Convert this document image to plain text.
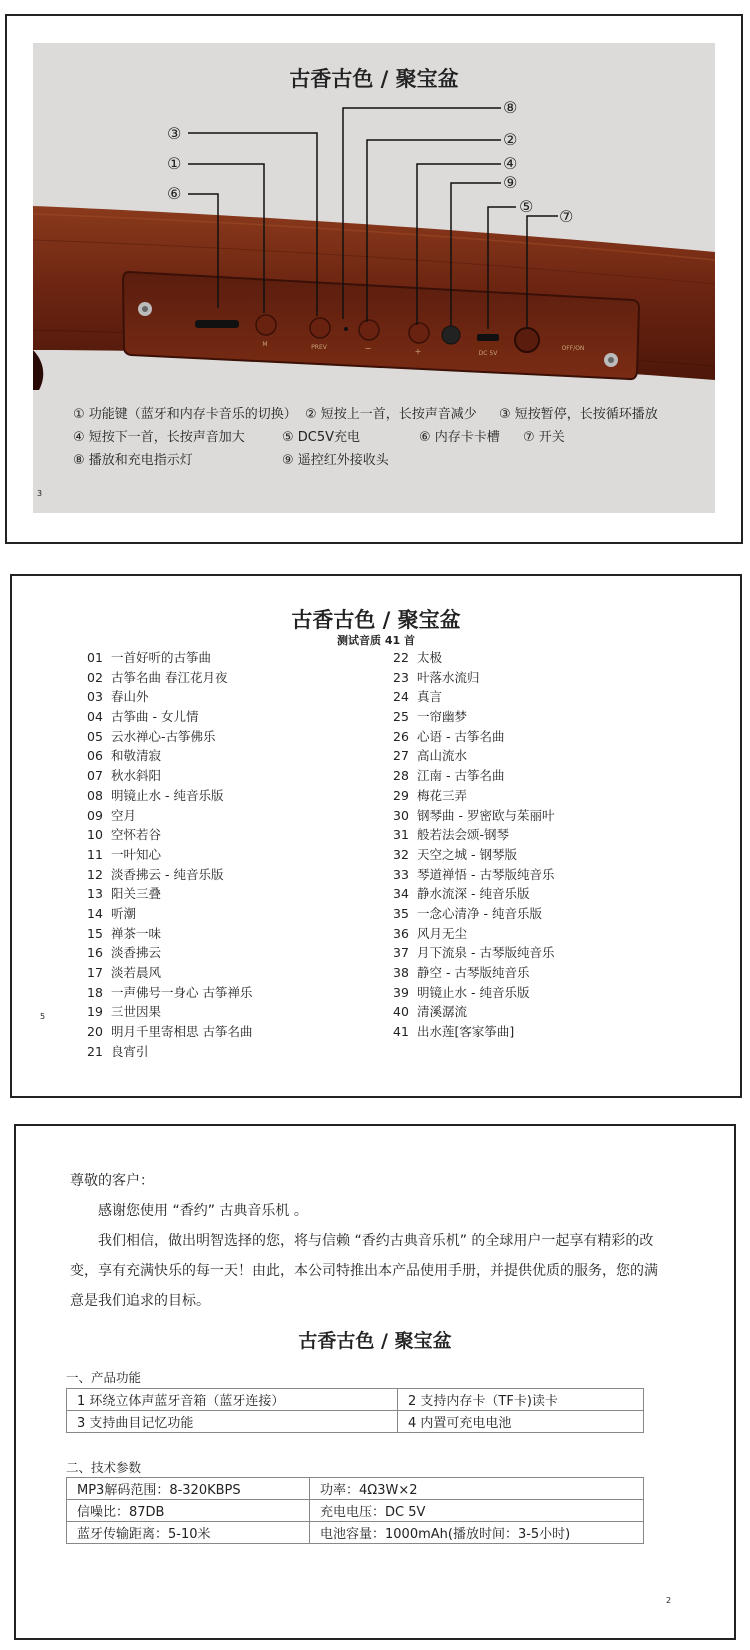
古香古色 / 聚宝盆
M	PREV	−	+	DC 5V
OFF/ON
⑧
③	②
①	④
⑨
⑥
⑤
⑦
① 功能键（蓝牙和内存卡音乐的切换） ② 短按上一首，长按声音减少 ③ 短按暂停，长按循环播放
④ 短按下一首，长按声音加大	⑤ DC5V充电	⑥ 内存卡卡槽 ⑦ 开关
⑧ 播放和充电指示灯	⑨ 遥控红外接收头
3
古香古色 / 聚宝盆
测试音质 41 首
01 一首好听的古筝曲
02 古筝名曲 春江花月夜
03 春山外
04 古筝曲 - 女儿情
05 云水禅心-古筝佛乐
06 和敬清寂
07 秋水斜阳
08 明镜止水 - 纯音乐版
09 空月
10 空怀若谷
11 一叶知心
12 淡香拂云 - 纯音乐版
13 阳关三叠
14 听潮
15 禅茶一味
16 淡香拂云
17 淡若晨风
18 一声佛号一身心 古筝禅乐
19 三世因果
20 明月千里寄相思 古筝名曲
21 良宵引
22 太极
23 叶落水流归
24 真言
25 一帘幽梦
26 心语 - 古筝名曲
27 高山流水
28 江南 - 古筝名曲
29 梅花三弄
30 钢琴曲 - 罗密欧与茱丽叶
31 般若法会颂-钢琴
32 天空之城 - 钢琴版
33 琴道禅悟 - 古琴版纯音乐
34 静水流深 - 纯音乐版
35 一念心清净 - 纯音乐版
36 风月无尘
37 月下流泉 - 古琴版纯音乐
38 静空 - 古琴版纯音乐
39 明镜止水 - 纯音乐版
40 清溪潺流
41 出水莲[客家筝曲]
5

尊敬的客户：

感谢您使用 “香约” 古典音乐机 。

我们相信，做出明智选择的您，将与信赖 “香约古典音乐机” 的全球用户一起享有精彩的改变，享有充满快乐的每一天！由此，本公司特推出本产品使用手册，并提供优质的服务，您的满意是我们追求的目标。

古香古色 / 聚宝盆
一、产品功能
1 环绕立体声蓝牙音箱（蓝牙连接）	2 支持内存卡（TF卡)读卡
3 支持曲目记忆功能	4 内置可充电电池
二、技术参数
MP3解码范围：8-320KBPS	功率：4Ω3W×2
信噪比：87DB	充电电压：DC 5V
蓝牙传输距离：5-10米	电池容量：1000mAh(播放时间：3-5小时)
2
